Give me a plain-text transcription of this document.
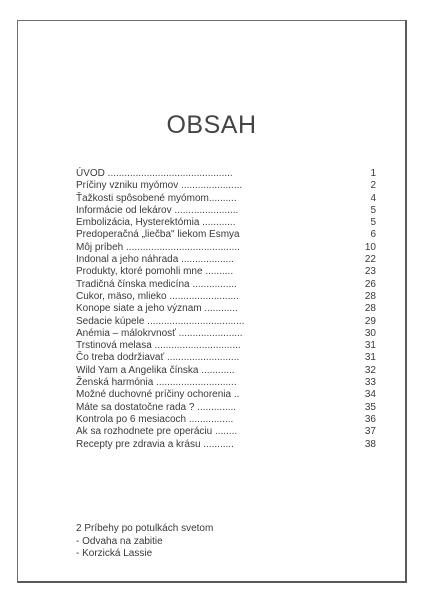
OBSAH
ÚVOD .............................................	1
Príčiny vzniku myómov ......................	2
Ťažkosti spôsobené myómom..........	4
Informácie od lekárov .......................	5
Embolizácia, Hysterektómia ............	5
Predoperačná „liečba" liekom Esmya	6
Môj príbeh .........................................	10
Indonal a jeho náhrada ...................	22
Produkty, ktoré pomohli mne ..........	23
Tradičná čínska medicína ................	26
Cukor, mäso, mlieko .........................	28
Konope siate a jeho význam ............	28
Sedacie kúpele ...................................	29
Anémia – málokrvnosť .......................	30
Trstinová melasa ...............................	31
Čo treba dodržiavať ..........................	31
Wild Yam a Angelika čínska ............	32
Ženská harmónia .............................	33
Možné duchovné príčiny ochorenia ..	34
Máte sa dostatočne rada ? ..............	35
Kontrola po 6 mesiacoch ................	36
Ak sa rozhodnete pre operáciu ........	37
Recepty pre zdravia a krásu ...........	38
2 Príbehy po potulkách svetom
- Odvaha na zabitie
- Korzická Lassie
